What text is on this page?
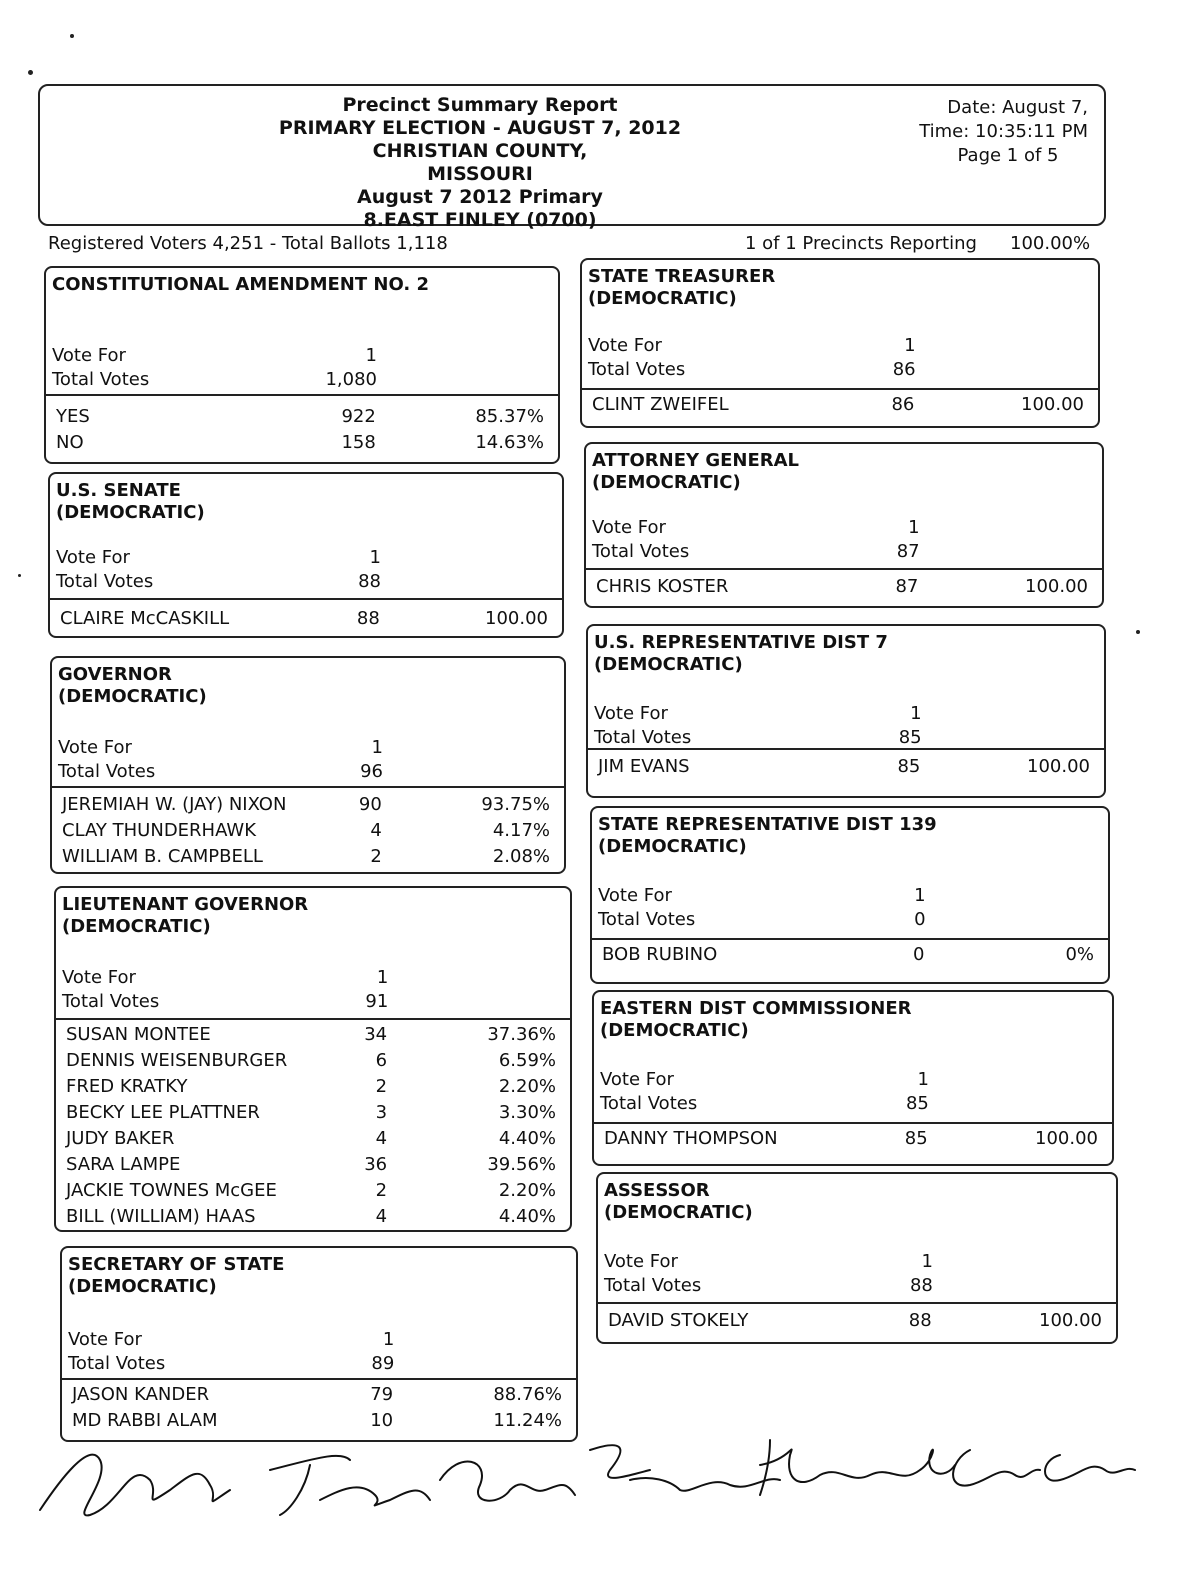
Precinct Summary Report
PRIMARY ELECTION - AUGUST 7, 2012 CHRISTIAN COUNTY,
MISSOURI
August 7 2012 Primary
8.EAST FINLEY (0700)
Date: August 7,
Time: 10:35:11 PM
Page 1 of 5
Registered Voters 4,251 - Total Ballots 1,118	1 of 1 Precincts Reporting 100.00%
CONSTITUTIONAL AMENDMENT NO. 2
Vote For	1
Total Votes	1,080
YES	922	85.37%
NO	158	14.63%
U.S. SENATE
(DEMOCRATIC)
Vote For	1
Total Votes	88
CLAIRE McCASKILL	88	100.00
GOVERNOR
(DEMOCRATIC)
Vote For	1
Total Votes	96
JEREMIAH W. (JAY) NIXON	90	93.75%
CLAY THUNDERHAWK	4	4.17%
WILLIAM B. CAMPBELL	2	2.08%
LIEUTENANT GOVERNOR
(DEMOCRATIC)
Vote For	1
Total Votes	91
SUSAN MONTEE	34	37.36%
DENNIS WEISENBURGER	6	6.59%
FRED KRATKY	2	2.20%
BECKY LEE PLATTNER	3	3.30%
JUDY BAKER	4	4.40%
SARA LAMPE	36	39.56%
JACKIE TOWNES McGEE	2	2.20%
BILL (WILLIAM) HAAS	4	4.40%
SECRETARY OF STATE
(DEMOCRATIC)
Vote For	1
Total Votes	89
JASON KANDER	79	88.76%
MD RABBI ALAM	10	11.24%
STATE TREASURER
(DEMOCRATIC)
Vote For	1
Total Votes	86
CLINT ZWEIFEL	86	100.00
ATTORNEY GENERAL
(DEMOCRATIC)
Vote For	1
Total Votes	87
CHRIS KOSTER	87	100.00
U.S. REPRESENTATIVE DIST 7
(DEMOCRATIC)
Vote For	1
Total Votes	85
JIM EVANS	85	100.00
STATE REPRESENTATIVE DIST 139
(DEMOCRATIC)
Vote For	1
Total Votes	0
BOB RUBINO	0	0%
EASTERN DIST COMMISSIONER
(DEMOCRATIC)
Vote For	1
Total Votes	85
DANNY THOMPSON	85	100.00
ASSESSOR
(DEMOCRATIC)
Vote For	1
Total Votes	88
DAVID STOKELY	88	100.00
